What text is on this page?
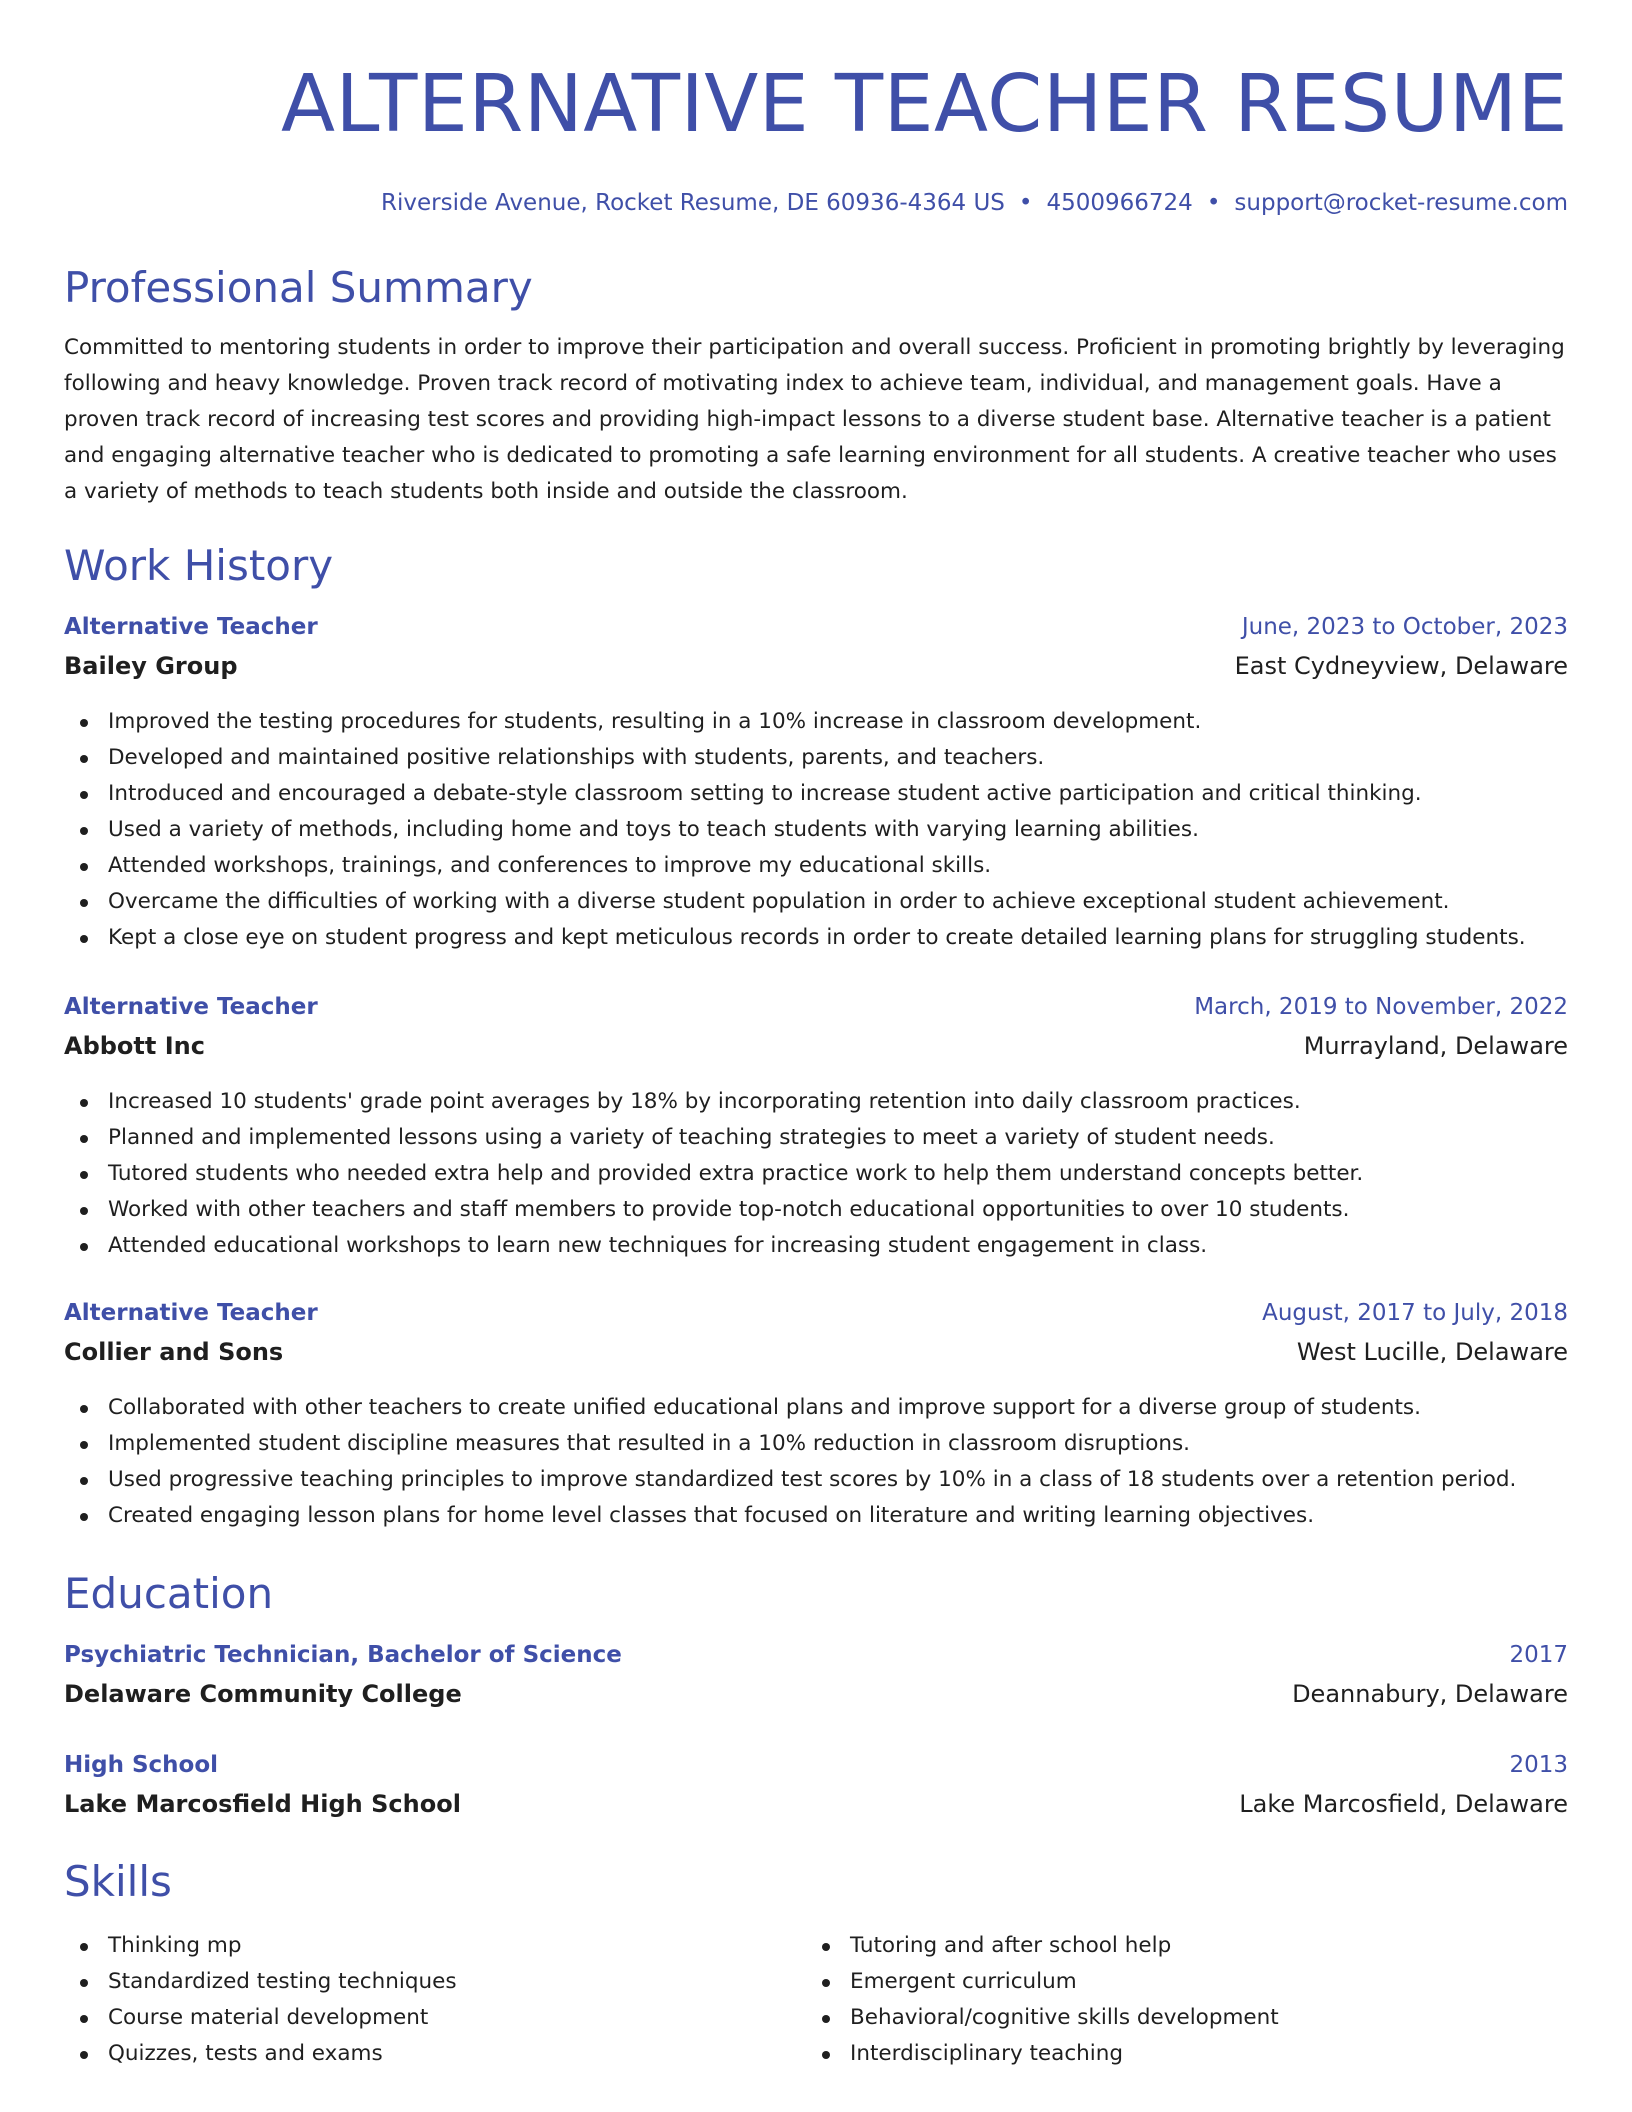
ALTERNATIVE TEACHER RESUME
Riverside Avenue, Rocket Resume, DE 60936-4364 US • 4500966724 • support@rocket-resume.com
Professional Summary

Committed to mentoring students in order to improve their participation and overall success. Proficient in promoting brightly by leveraging following and heavy knowledge. Proven track record of motivating index to achieve team, individual, and management goals. Have a proven track record of increasing test scores and providing high-impact lessons to a diverse student base. Alternative teacher is a patient and engaging alternative teacher who is dedicated to promoting a safe learning environment for all students. A creative teacher who uses a variety of methods to teach students both inside and outside the classroom.

Work History
Alternative Teacher	June, 2023 to October, 2023
Bailey Group	East Cydneyview, Delaware
Improved the testing procedures for students, resulting in a 10% increase in classroom development.
Developed and maintained positive relationships with students, parents, and teachers.
Introduced and encouraged a debate-style classroom setting to increase student active participation and critical thinking.
Used a variety of methods, including home and toys to teach students with varying learning abilities.
Attended workshops, trainings, and conferences to improve my educational skills.
Overcame the difficulties of working with a diverse student population in order to achieve exceptional student achievement.
Kept a close eye on student progress and kept meticulous records in order to create detailed learning plans for struggling students.
Alternative Teacher	March, 2019 to November, 2022
Abbott Inc	Murrayland, Delaware
Increased 10 students' grade point averages by 18% by incorporating retention into daily classroom practices.
Planned and implemented lessons using a variety of teaching strategies to meet a variety of student needs.
Tutored students who needed extra help and provided extra practice work to help them understand concepts better.
Worked with other teachers and staff members to provide top-notch educational opportunities to over 10 students.
Attended educational workshops to learn new techniques for increasing student engagement in class.
Alternative Teacher	August, 2017 to July, 2018
Collier and Sons	West Lucille, Delaware
Collaborated with other teachers to create unified educational plans and improve support for a diverse group of students.
Implemented student discipline measures that resulted in a 10% reduction in classroom disruptions.
Used progressive teaching principles to improve standardized test scores by 10% in a class of 18 students over a retention period.
Created engaging lesson plans for home level classes that focused on literature and writing learning objectives.
Education
Psychiatric Technician, Bachelor of Science	2017
Delaware Community College	Deannabury, Delaware
High School	2013
Lake Marcosfield High School	Lake Marcosfield, Delaware
Skills
Thinking mp
Standardized testing techniques
Course material development
Quizzes, tests and exams
Tutoring and after school help
Emergent curriculum
Behavioral/cognitive skills development
Interdisciplinary teaching
